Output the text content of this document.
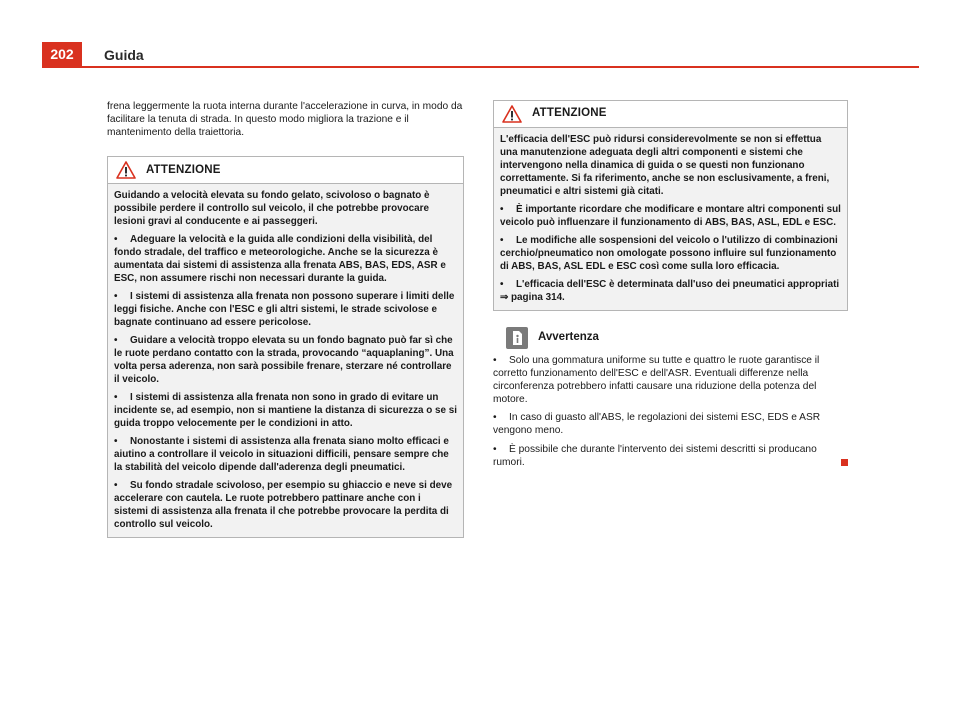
202	Guida

frena leggermente la ruota interna durante l'accelerazione in curva, in modo da facilitare la tenuta di strada. In questo modo migliora la trazione e il mantenimento della traiettoria.

ATTENZIONE

Guidando a velocità elevata su fondo gelato, scivoloso o bagnato è possibile perdere il controllo sul veicolo, il che potrebbe provocare lesioni gravi al conducente e ai passeggeri.

• Adeguare la velocità e la guida alle condizioni della visibilità, del fondo stradale, del traffico e meteorologiche. Anche se la sicurezza è aumentata dai sistemi di assistenza alla frenata ABS, BAS, EDS, ASR e ESC, non assumere rischi non necessari durante la guida.

• I sistemi di assistenza alla frenata non possono superare i limiti delle leggi fisiche. Anche con l'ESC e gli altri sistemi, le strade scivolose e bagnate continuano ad essere pericolose.

• Guidare a velocità troppo elevata su un fondo bagnato può far sì che le ruote perdano contatto con la strada, provocando “aquaplaning”. Una volta persa aderenza, non sarà possibile frenare, sterzare né controllare il veicolo.

• I sistemi di assistenza alla frenata non sono in grado di evitare un incidente se, ad esempio, non si mantiene la distanza di sicurezza o se si guida troppo velocemente per le condizioni in atto.

• Nonostante i sistemi di assistenza alla frenata siano molto efficaci e aiutino a controllare il veicolo in situazioni difficili, pensare sempre che la stabilità del veicolo dipende dall'aderenza degli pneumatici.

• Su fondo stradale scivoloso, per esempio su ghiaccio e neve si deve accelerare con cautela. Le ruote potrebbero pattinare anche con i sistemi di assistenza alla frenata il che potrebbe provocare la perdita di controllo sul veicolo.

ATTENZIONE

L'efficacia dell'ESC può ridursi considerevolmente se non si effettua una manutenzione adeguata degli altri componenti e sistemi che intervengono nella dinamica di guida o se questi non funzionano correttamente. Si fa riferimento, anche se non esclusivamente, a freni, pneumatici e altri sistemi già citati.

• È importante ricordare che modificare e montare altri componenti sul veicolo può influenzare il funzionamento di ABS, BAS, ASL, EDL e ESC.

• Le modifiche alle sospensioni del veicolo o l'utilizzo di combinazioni cerchio/pneumatico non omologate possono influire sul funzionamento di ABS, BAS, ASL EDL e ESC così come sulla loro efficacia.

• L'efficacia dell'ESC è determinata dall'uso dei pneumatici appropriati ⇒ pagina 314.

Avvertenza

• Solo una gommatura uniforme su tutte e quattro le ruote garantisce il corretto funzionamento dell'ESC e dell'ASR. Eventuali differenze nella circonferenza potrebbero infatti causare una riduzione della potenza del motore.

• In caso di guasto all'ABS, le regolazioni dei sistemi ESC, EDS e ASR vengono meno.

• È possibile che durante l'intervento dei sistemi descritti si producano rumori.
